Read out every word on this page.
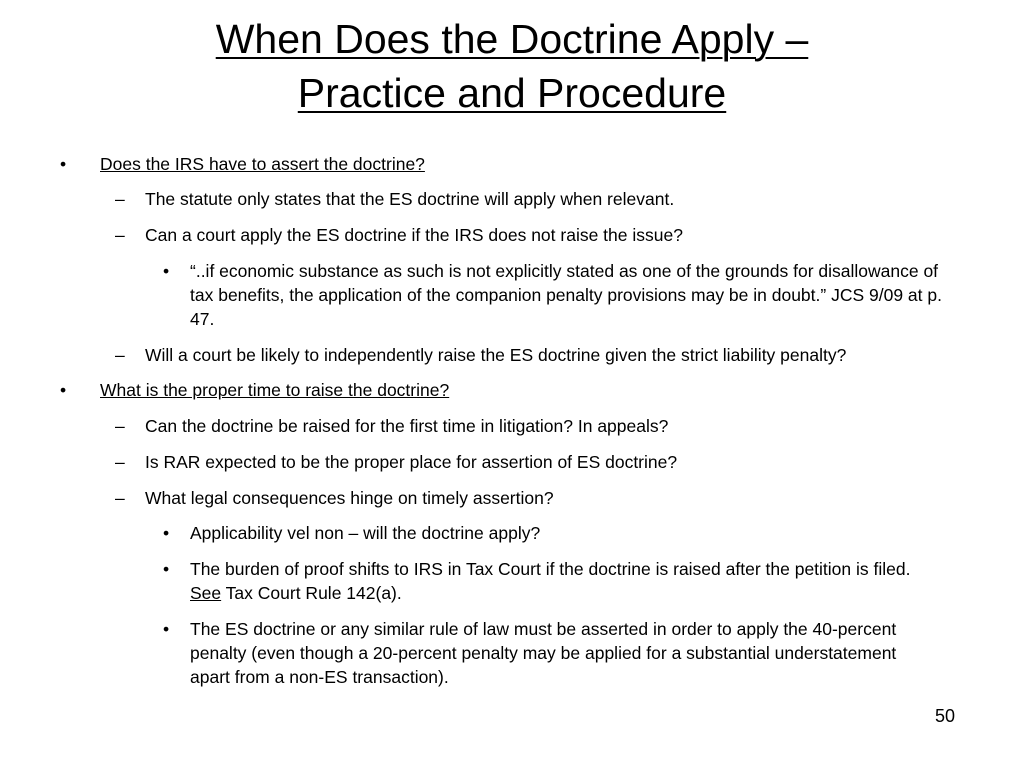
When Does the Doctrine Apply –
Practice and Procedure
• Does the IRS have to assert the doctrine?
– The statute only states that the ES doctrine will apply when relevant.
– Can a court apply the ES doctrine if the IRS does not raise the issue?
• “..if economic substance as such is not explicitly stated as one of the grounds for disallowance of tax benefits, the application of the companion penalty provisions may be in doubt.” JCS 9/09 at p. 47.
– Will a court be likely to independently raise the ES doctrine given the strict liability penalty?
• What is the proper time to raise the doctrine?
– Can the doctrine be raised for the first time in litigation? In appeals?
– Is RAR expected to be the proper place for assertion of ES doctrine?
– What legal consequences hinge on timely assertion?
• Applicability vel non – will the doctrine apply?
• The burden of proof shifts to IRS in Tax Court if the doctrine is raised after the petition is filed.   See Tax Court Rule 142(a).
• The ES doctrine or any similar rule of law must be asserted in order to apply the 40-percent penalty (even though a 20-percent penalty may be applied for a substantial understatement apart from a non-ES transaction).
50
